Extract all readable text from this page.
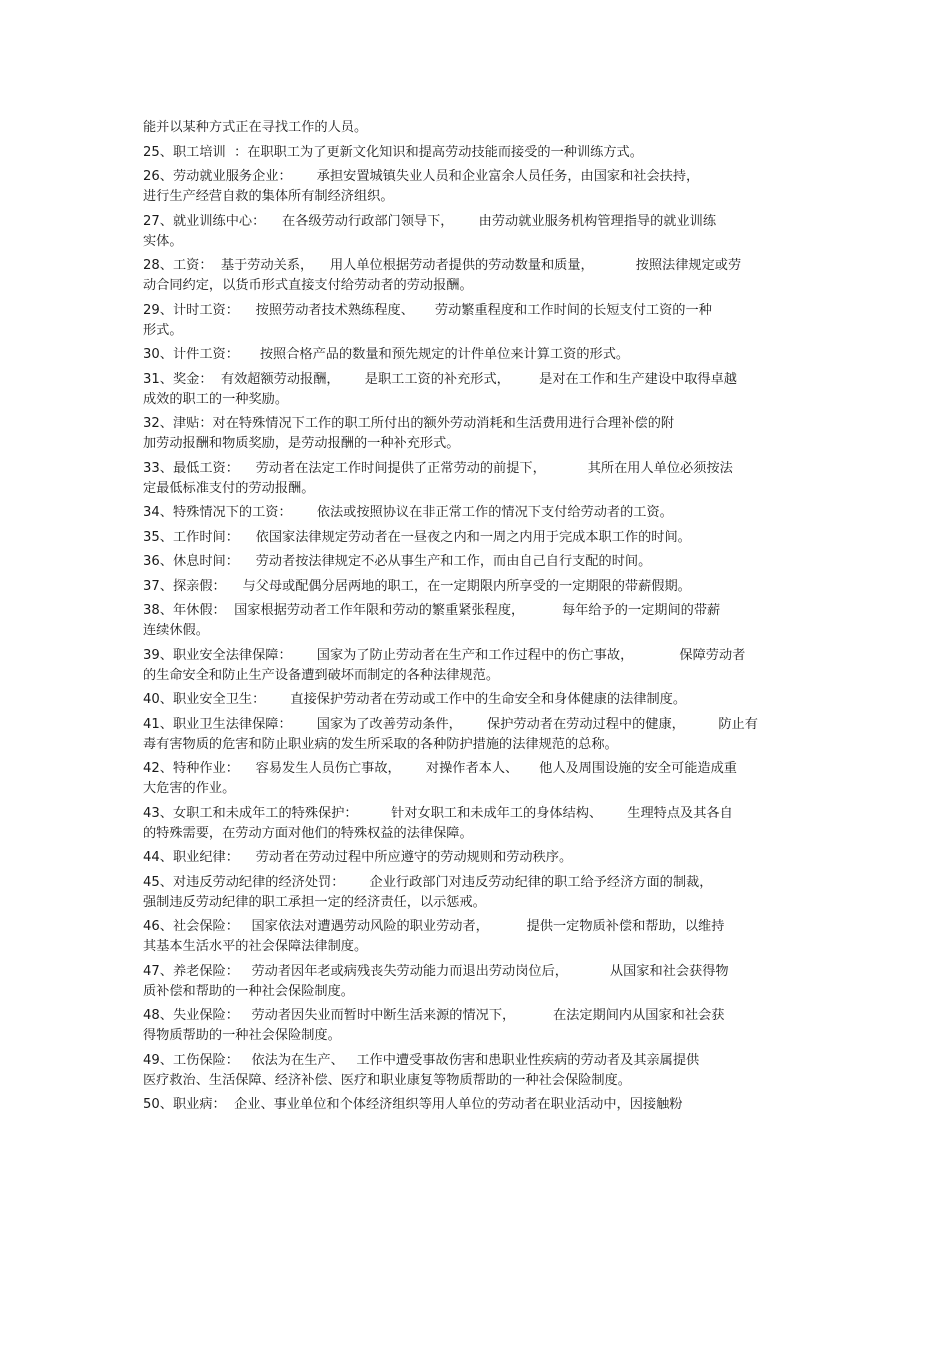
能并以某种方式正在寻找工作的人员。
25、职工培训  ：在职职工为了更新文化知识和提高劳动技能而接受的一种训练方式。
26、劳动就业服务企业：      承担安置城镇失业人员和企业富余人员任务，由国家和社会扶持，
进行生产经营自救的集体所有制经济组织。
27、就业训练中心：    在各级劳动行政部门领导下，      由劳动就业服务机构管理指导的就业训练
实体。
28、工资：  基于劳动关系，    用人单位根据劳动者提供的劳动数量和质量，          按照法律规定或劳
动合同约定，以货币形式直接支付给劳动者的劳动报酬。
29、计时工资：    按照劳动者技术熟练程度、     劳动繁重程度和工作时间的长短支付工资的一种
形式。
30、计件工资：     按照合格产品的数量和预先规定的计件单位来计算工资的形式。
31、奖金：  有效超额劳动报酬，      是职工工资的补充形式，       是对在工作和生产建设中取得卓越
成效的职工的一种奖励。
32、津贴：对在特殊情况下工作的职工所付出的额外劳动消耗和生活费用进行合理补偿的附
加劳动报酬和物质奖励，是劳动报酬的一种补充形式。
33、最低工资：    劳动者在法定工作时间提供了正常劳动的前提下，          其所在用人单位必须按法
定最低标准支付的劳动报酬。
34、特殊情况下的工资：      依法或按照协议在非正常工作的情况下支付给劳动者的工资。
35、工作时间：    依国家法律规定劳动者在一昼夜之内和一周之内用于完成本职工作的时间。
36、休息时间：    劳动者按法律规定不必从事生产和工作，而由自己自行支配的时间。
37、探亲假：    与父母或配偶分居两地的职工，在一定期限内所享受的一定期限的带薪假期。
38、年休假：  国家根据劳动者工作年限和劳动的繁重紧张程度，         每年给予的一定期间的带薪
连续休假。
39、职业安全法律保障：      国家为了防止劳动者在生产和工作过程中的伤亡事故，           保障劳动者
的生命安全和防止生产设备遭到破坏而制定的各种法律规范。
40、职业安全卫生：      直接保护劳动者在劳动或工作中的生命安全和身体健康的法律制度。
41、职业卫生法律保障：      国家为了改善劳动条件，      保护劳动者在劳动过程中的健康，        防止有
毒有害物质的危害和防止职业病的发生所采取的各种防护措施的法律规范的总称。
42、特种作业：    容易发生人员伤亡事故，      对操作者本人、     他人及周围设施的安全可能造成重
大危害的作业。
43、女职工和未成年工的特殊保护：        针对女职工和未成年工的身体结构、      生理特点及其各自
的特殊需要，在劳动方面对他们的特殊权益的法律保障。
44、职业纪律：    劳动者在劳动过程中所应遵守的劳动规则和劳动秩序。
45、对违反劳动纪律的经济处罚：      企业行政部门对违反劳动纪律的职工给予经济方面的制裁，
强制违反劳动纪律的职工承担一定的经济责任，以示惩戒。
46、社会保险：   国家依法对遭遇劳动风险的职业劳动者，         提供一定物质补偿和帮助，以维持
其基本生活水平的社会保障法律制度。
47、养老保险：   劳动者因年老或病残丧失劳动能力而退出劳动岗位后，          从国家和社会获得物
质补偿和帮助的一种社会保险制度。
48、失业保险：   劳动者因失业而暂时中断生活来源的情况下，         在法定期间内从国家和社会获
得物质帮助的一种社会保险制度。
49、工伤保险：   依法为在生产、   工作中遭受事故伤害和患职业性疾病的劳动者及其亲属提供
医疗救治、生活保障、经济补偿、医疗和职业康复等物质帮助的一种社会保险制度。
50、职业病：  企业、事业单位和个体经济组织等用人单位的劳动者在职业活动中，因接触粉
